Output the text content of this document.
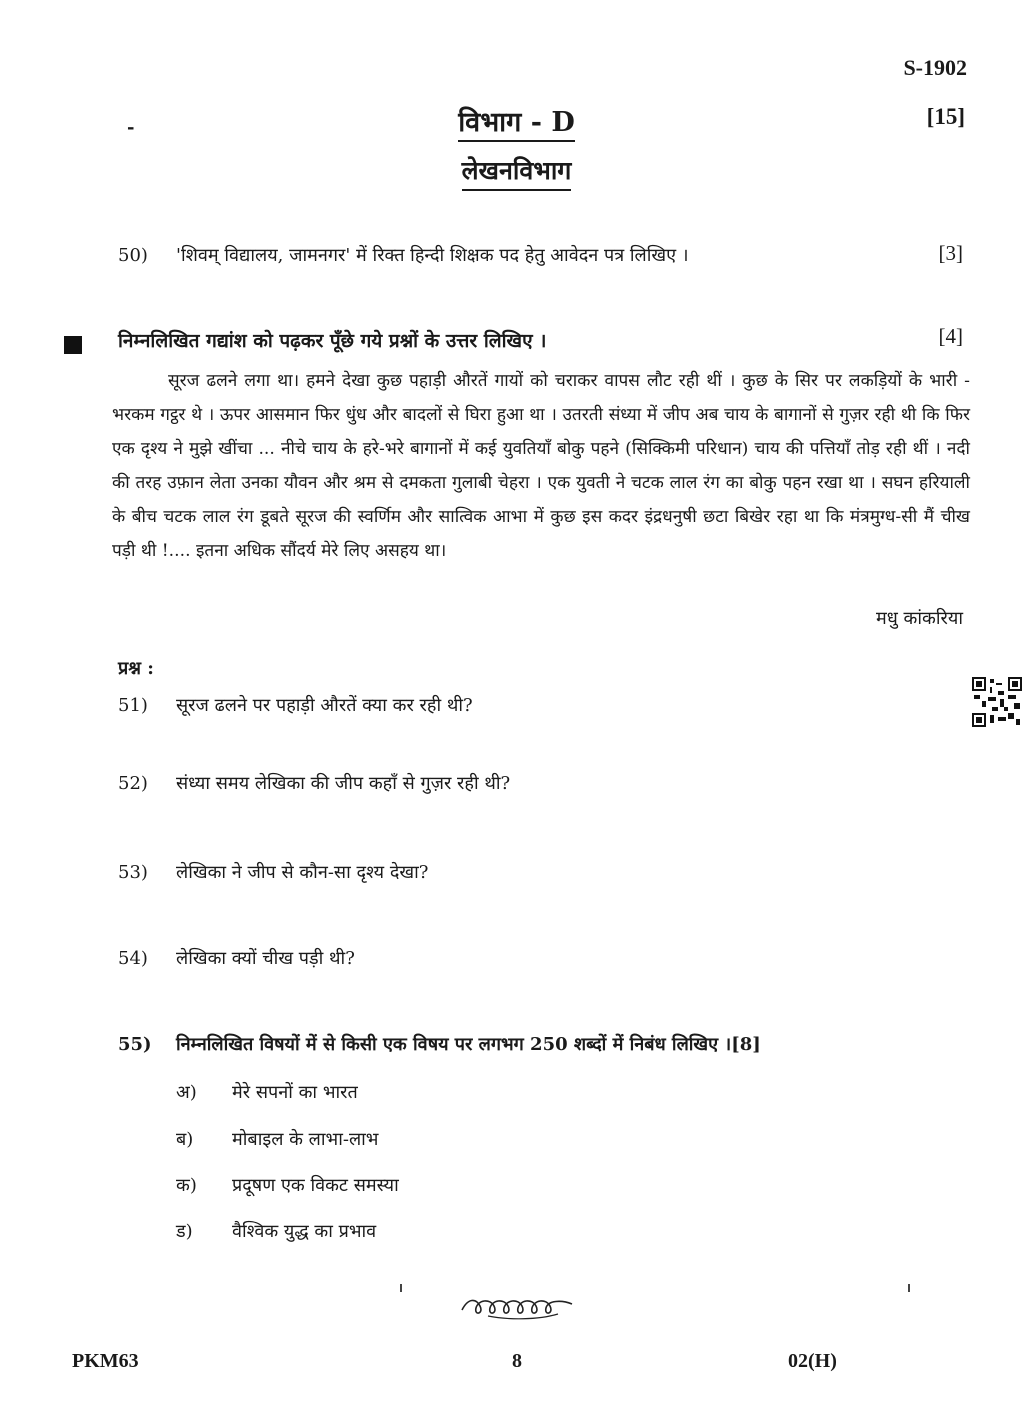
S-1902
-	विभाग - D	[15]
लेखनविभाग
50) 'शिवम् विद्यालय, जामनगर' में रिक्त हिन्दी शिक्षक पद हेतु आवेदन पत्र लिखिए ।	[3]
निम्नलिखित गद्यांश को पढ़कर पूँछे गये प्रश्नों के उत्तर लिखिए ।	[4]
सूरज ढलने लगा था। हमने देखा कुछ पहाड़ी औरतें गायों को चराकर वापस लौट रही थीं । कुछ के सिर पर लकड़ियों के भारी - भरकम गट्ठर थे । ऊपर आसमान फिर धुंध और बादलों से घिरा हुआ था । उतरती संध्या में जीप अब चाय के बागानों से गुज़र रही थी कि फिर एक दृश्य ने मुझे खींचा ... नीचे चाय के हरे-भरे बागानों में कई युवतियाँ बोकु पहने (सिक्किमी परिधान) चाय की पत्तियाँ तोड़ रही थीं । नदी की तरह उफ़ान लेता उनका यौवन और श्रम से दमकता गुलाबी चेहरा । एक युवती ने चटक लाल रंग का बोकु पहन रखा था । सघन हरियाली के बीच चटक लाल रंग डूबते सूरज की स्वर्णिम और सात्विक आभा में कुछ इस कदर इंद्रधनुषी छटा बिखेर रहा था कि मंत्रमुग्ध-सी मैं चीख पड़ी थी !.... इतना अधिक सौंदर्य मेरे लिए असहय था।
मधु कांकरिया
प्रश्न :
51) सूरज ढलने पर पहाड़ी औरतें क्या कर रही थी?
52) संध्या समय लेखिका की जीप कहाँ से गुज़र रही थी?
53) लेखिका ने जीप से कौन-सा दृश्य देखा?
54) लेखिका क्यों चीख पड़ी थी?
55) निम्नलिखित विषयों में से किसी एक विषय पर लगभग 250 शब्दों में निबंध लिखिए ।[8]
अ) मेरे सपनों का भारत
ब) मोबाइल के लाभा-लाभ
क) प्रदूषण एक विकट समस्या
ड) वैश्विक युद्ध का प्रभाव
PKM63	8	02(H)
